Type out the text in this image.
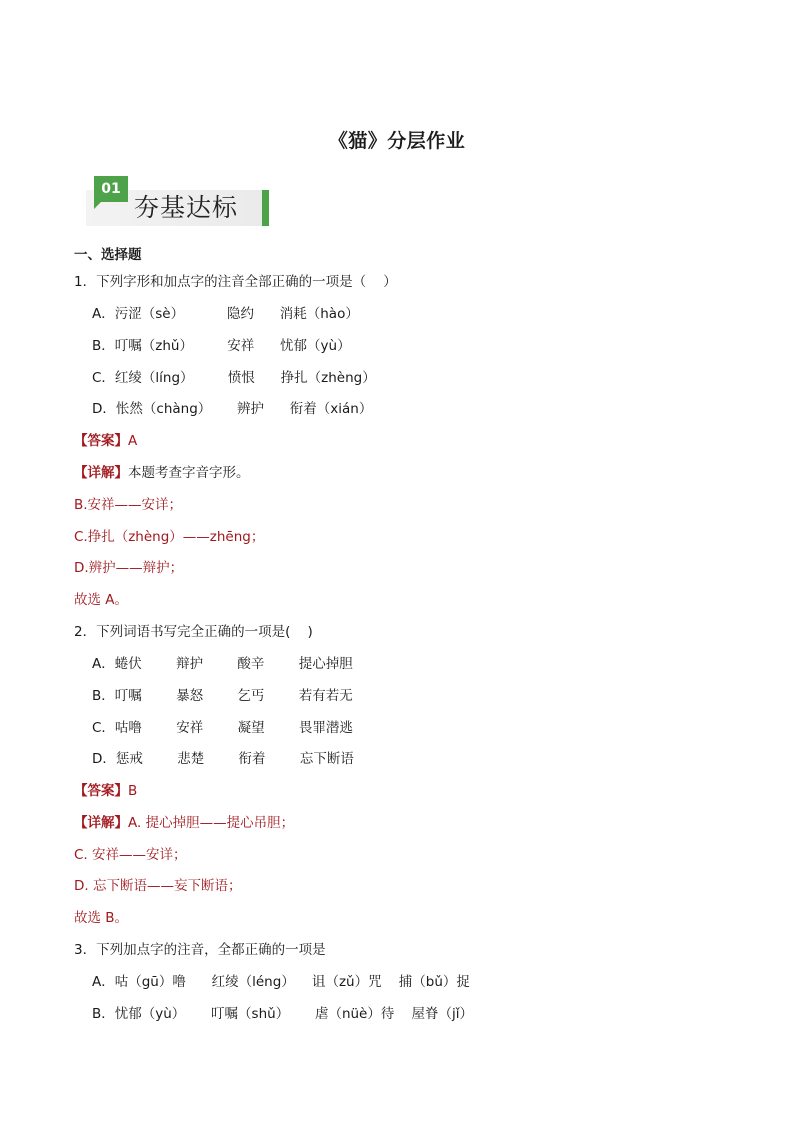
《猫》分层作业
01
夯基达标
一、选择题
1．下列字形和加点字的注音全部正确的一项是（    ）
A．污涩（sè）          隐约      消耗（hào）
B．叮嘱（zhǔ）        安祥      忧郁（yù）
C．红绫（líng）        愤恨      挣扎（zhèng）
D．怅然（chàng）      辨护      衔着（xián）
【答案】A
【详解】本题考查字音字形。
B.安祥——安详；
C.挣扎（zhèng）——zhēng；
D.辨护——辩护；
故选 A。
2．下列词语书写完全正确的一项是(    )
A．蜷伏        辩护        酸辛        提心掉胆
B．叮嘱        暴怒        乞丐        若有若无
C．咕噜        安祥        凝望        畏罪潜逃
D．惩戒        悲楚        衔着        忘下断语
【答案】B
【详解】A. 提心掉胆——提心吊胆；
C. 安祥——安详；
D. 忘下断语——妄下断语；
故选 B。
3．下列加点字的注音，全都正确的一项是
A．咕（gū）噜      红绫（léng）    诅（zǔ）咒    捕（bǔ）捉
B．忧郁（yù）      叮嘱（shǔ）      虐（nüè）待    屋脊（jǐ）
